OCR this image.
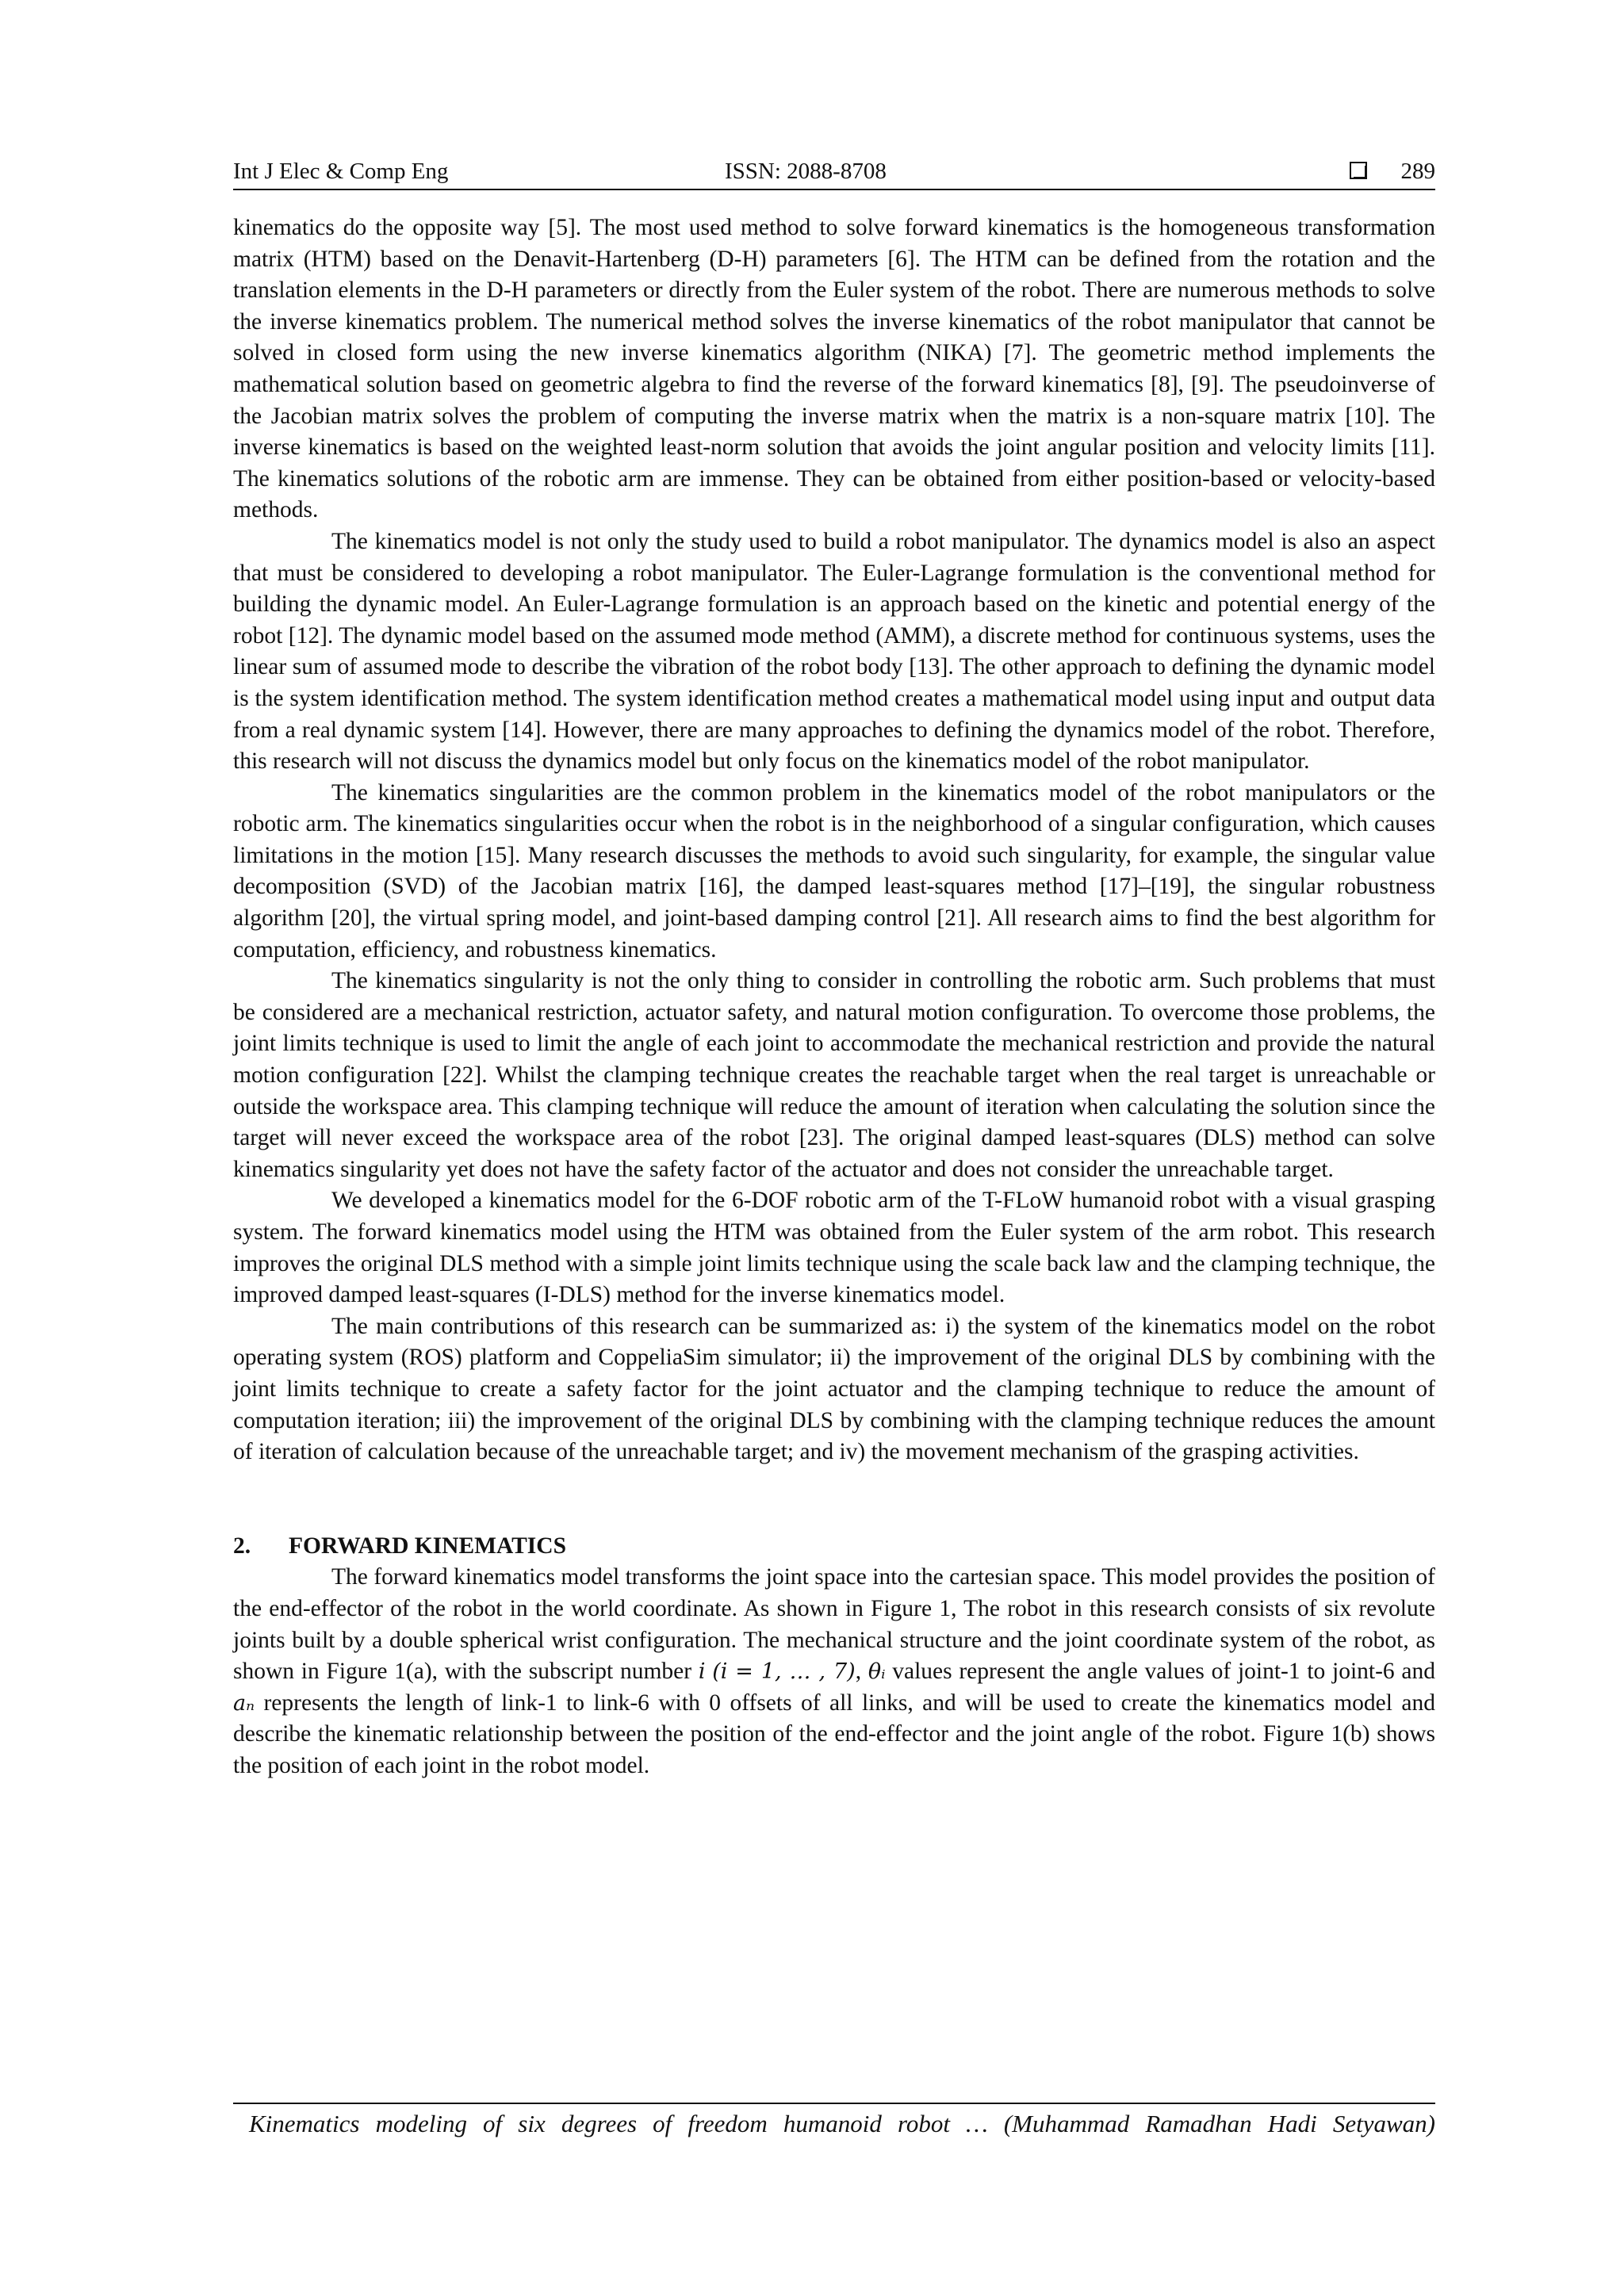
Int J Elec & Comp Eng	ISSN: 2088-8708	289

kinematics do the opposite way [5]. The most used method to solve forward kinematics is the homogeneous transformation matrix (HTM) based on the Denavit-Hartenberg (D-H) parameters [6]. The HTM can be defined from the rotation and the translation elements in the D-H parameters or directly from the Euler system of the robot. There are numerous methods to solve the inverse kinematics problem. The numerical method solves the inverse kinematics of the robot manipulator that cannot be solved in closed form using the new inverse kinematics algorithm (NIKA) [7]. The geometric method implements the mathematical solution based on geometric algebra to find the reverse of the forward kinematics [8], [9]. The pseudoinverse of the Jacobian matrix solves the problem of computing the inverse matrix when the matrix is a non-square matrix [10]. The inverse kinematics is based on the weighted least-norm solution that avoids the joint angular position and velocity limits [11]. The kinematics solutions of the robotic arm are immense. They can be obtained from either position-based or velocity-based methods.

The kinematics model is not only the study used to build a robot manipulator. The dynamics model is also an aspect that must be considered to developing a robot manipulator. The Euler-Lagrange formulation is the conventional method for building the dynamic model. An Euler-Lagrange formulation is an approach based on the kinetic and potential energy of the robot [12]. The dynamic model based on the assumed mode method (AMM), a discrete method for continuous systems, uses the linear sum of assumed mode to describe the vibration of the robot body [13]. The other approach to defining the dynamic model is the system identification method. The system identification method creates a mathematical model using input and output data from a real dynamic system [14]. However, there are many approaches to defining the dynamics model of the robot. Therefore, this research will not discuss the dynamics model but only focus on the kinematics model of the robot manipulator.

The kinematics singularities are the common problem in the kinematics model of the robot manipulators or the robotic arm. The kinematics singularities occur when the robot is in the neighborhood of a singular configuration, which causes limitations in the motion [15]. Many research discusses the methods to avoid such singularity, for example, the singular value decomposition (SVD) of the Jacobian matrix [16], the damped least-squares method [17]–[19], the singular robustness algorithm [20], the virtual spring model, and joint-based damping control [21]. All research aims to find the best algorithm for computation, efficiency, and robustness kinematics.

The kinematics singularity is not the only thing to consider in controlling the robotic arm. Such problems that must be considered are a mechanical restriction, actuator safety, and natural motion configuration. To overcome those problems, the joint limits technique is used to limit the angle of each joint to accommodate the mechanical restriction and provide the natural motion configuration [22]. Whilst the clamping technique creates the reachable target when the real target is unreachable or outside the workspace area. This clamping technique will reduce the amount of iteration when calculating the solution since the target will never exceed the workspace area of the robot [23]. The original damped least-squares (DLS) method can solve kinematics singularity yet does not have the safety factor of the actuator and does not consider the unreachable target.

We developed a kinematics model for the 6-DOF robotic arm of the T-FLoW humanoid robot with a visual grasping system. The forward kinematics model using the HTM was obtained from the Euler system of the arm robot. This research improves the original DLS method with a simple joint limits technique using the scale back law and the clamping technique, the improved damped least-squares (I-DLS) method for the inverse kinematics model.

The main contributions of this research can be summarized as: i) the system of the kinematics model on the robot operating system (ROS) platform and CoppeliaSim simulator; ii) the improvement of the original DLS by combining with the joint limits technique to create a safety factor for the joint actuator and the clamping technique to reduce the amount of computation iteration; iii) the improvement of the original DLS by combining with the clamping technique reduces the amount of iteration of calculation because of the unreachable target; and iv) the movement mechanism of the grasping activities.

2. FORWARD KINEMATICS

The forward kinematics model transforms the joint space into the cartesian space. This model provides the position of the end-effector of the robot in the world coordinate. As shown in Figure 1, The robot in this research consists of six revolute joints built by a double spherical wrist configuration. The mechanical structure and the joint coordinate system of the robot, as shown in Figure 1(a), with the subscript number i (i = 1, … , 7), θᵢ values represent the angle values of joint-1 to joint-6 and aₙ represents the length of link-1 to link-6 with 0 offsets of all links, and will be used to create the kinematics model and describe the kinematic relationship between the position of the end-effector and the joint angle of the robot. Figure 1(b) shows the position of each joint in the robot model.

Kinematics modeling of six degrees of freedom humanoid robot … (Muhammad Ramadhan Hadi Setyawan)
